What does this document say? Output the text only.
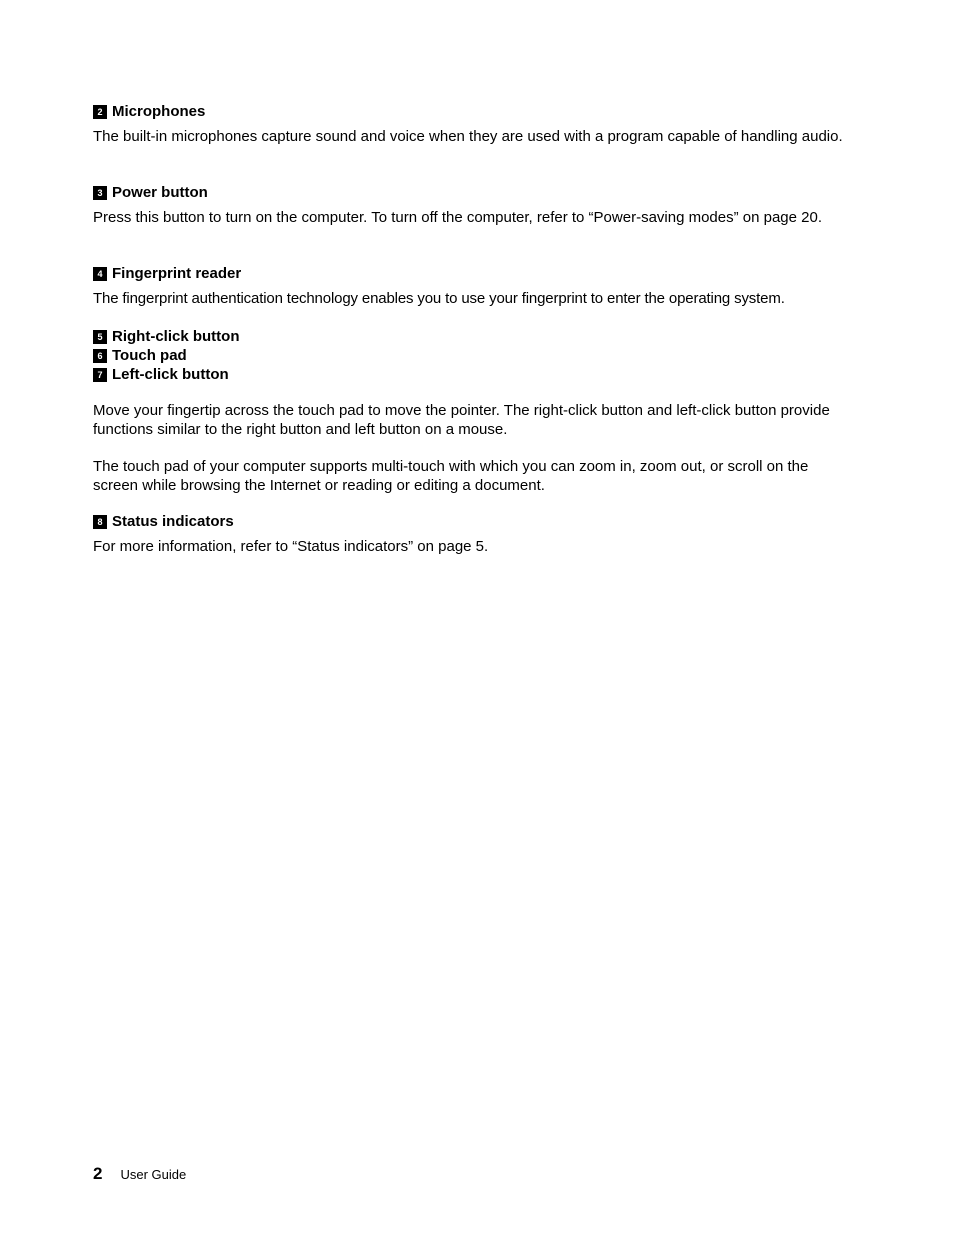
2 Microphones

The built-in microphones capture sound and voice when they are used with a program capable of handling audio.

3 Power button

Press this button to turn on the computer. To turn off the computer, refer to “Power-saving modes” on page 20.

4 Fingerprint reader

The fingerprint authentication technology enables you to use your fingerprint to enter the operating system.

5 Right-click button
6 Touch pad
7 Left-click button

Move your fingertip across the touch pad to move the pointer. The right-click button and left-click button provide functions similar to the right button and left button on a mouse.

The touch pad of your computer supports multi-touch with which you can zoom in, zoom out, or scroll on the screen while browsing the Internet or reading or editing a document.

8 Status indicators

For more information, refer to “Status indicators” on page 5.

2 User Guide
